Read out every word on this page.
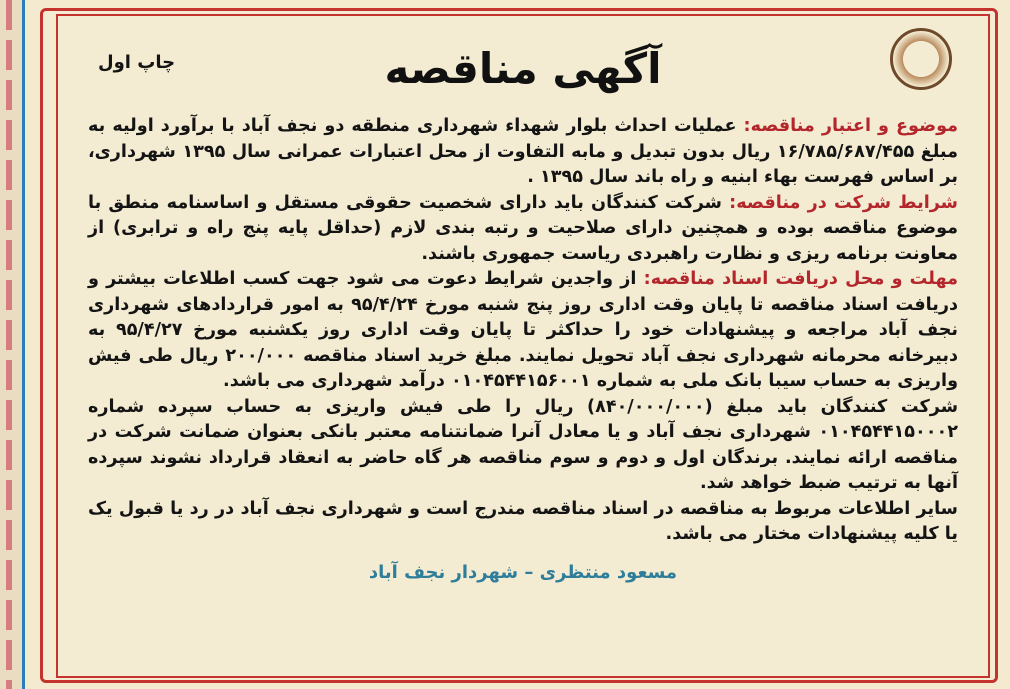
آگهی مناقصه
چاپ اول

موضوع و اعتبار مناقصه: عملیات احداث بلوار شهداء شهرداری منطقه دو نجف آباد با برآورد اولیه به مبلغ ۱۶/۷۸۵/۶۸۷/۴۵۵ ریال بدون تبدیل و مابه التفاوت از محل اعتبارات عمرانی سال ۱۳۹۵ شهرداری، بر اساس فهرست بهاء ابنیه و راه باند سال ۱۳۹۵ .

شرایط شرکت در مناقصه: شرکت کنندگان باید دارای شخصیت حقوقی مستقل و اساسنامه منطق با موضوع مناقصه بوده و همچنین دارای صلاحیت و رتبه بندی لازم (حداقل پایه پنج راه و ترابری) از معاونت برنامه ریزی و نظارت راهبردی ریاست جمهوری باشند.

مهلت و محل دریافت اسناد مناقصه: از واجدین شرایط دعوت می شود جهت کسب اطلاعات بیشتر و دریافت اسناد مناقصه تا پایان وقت اداری روز پنج شنبه مورخ ۹۵/۴/۲۴ به امور قراردادهای شهرداری نجف آباد مراجعه و پیشنهادات خود را حداکثر تا پایان وقت اداری روز یکشنبه مورخ ۹۵/۴/۲۷ به دبیرخانه محرمانه شهرداری نجف آباد تحویل نمایند. مبلغ خرید اسناد مناقصه ۲۰۰/۰۰۰ ریال طی فیش واریزی به حساب سیبا بانک ملی به شماره ۰۱۰۴۵۴۴۱۵۶۰۰۱ درآمد شهرداری می باشد.

شرکت کنندگان باید مبلغ (۸۴۰/۰۰۰/۰۰۰) ریال را طی فیش واریزی به حساب سپرده شماره ۰۱۰۴۵۴۴۱۵۰۰۰۲ شهرداری نجف آباد و یا معادل آنرا ضمانتنامه معتبر بانکی بعنوان ضمانت شرکت در مناقصه ارائه نمایند. برندگان اول و دوم و سوم مناقصه هر گاه حاضر به انعقاد قرارداد نشوند سپرده آنها به ترتیب ضبط خواهد شد.

سایر اطلاعات مربوط به مناقصه در اسناد مناقصه مندرج است و شهرداری نجف آباد در رد یا قبول یک یا کلیه پیشنهادات مختار می باشد.

مسعود منتظری – شهردار نجف آباد
